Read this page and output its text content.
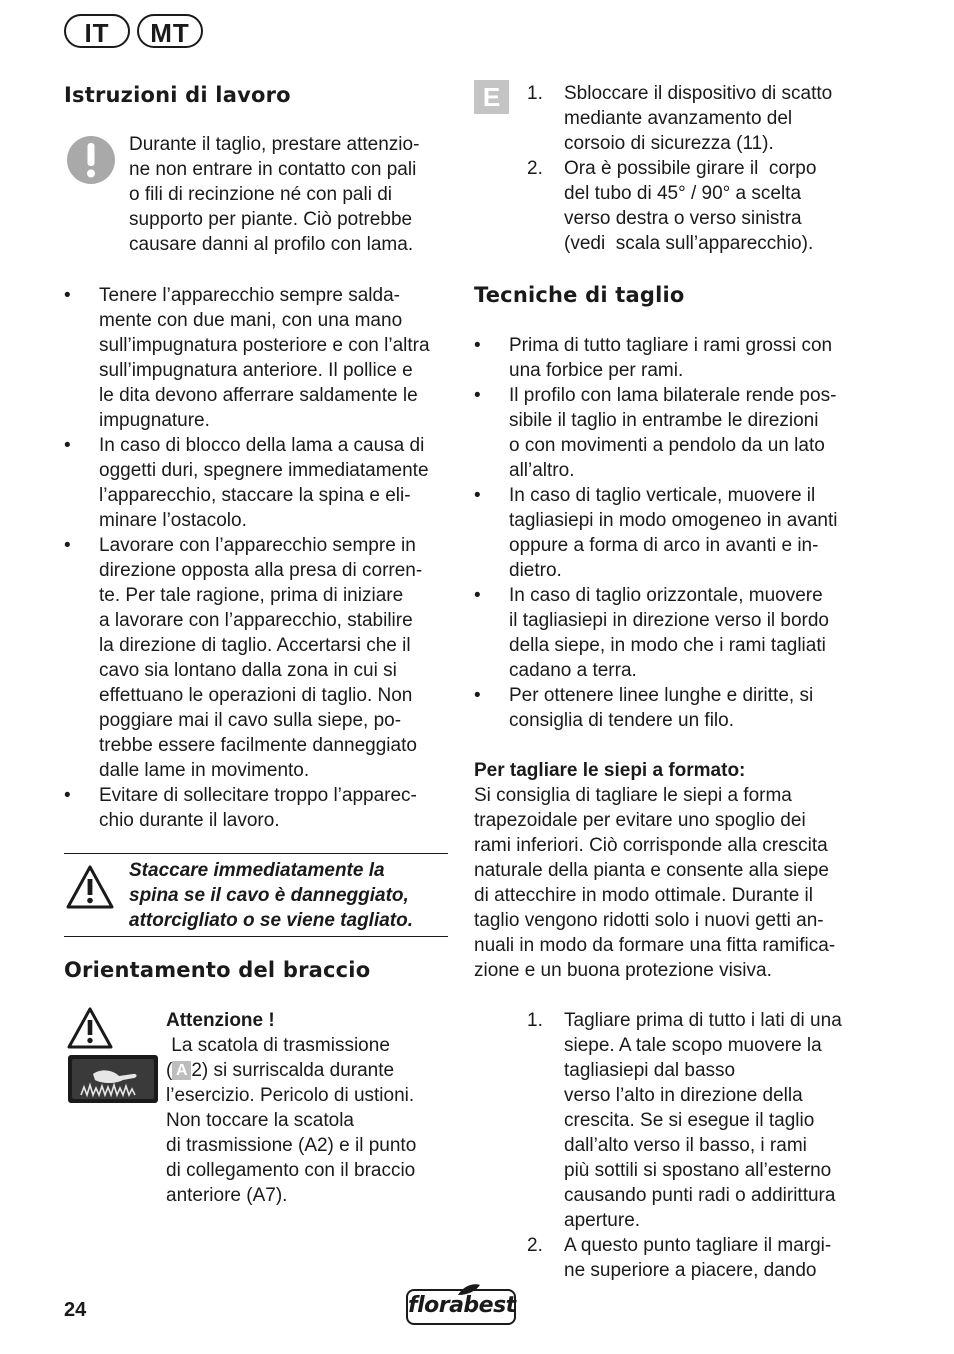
IT	MT
Istruzioni di lavoro
Durante il taglio, prestare attenzio-
ne non entrare in contatto con pali
o fili di recinzione né con pali di
supporto per piante. Ciò potrebbe
causare danni al profilo con lama.
• Tenere l’apparecchio sempre salda-
mente con due mani, con una mano
sull’impugnatura posteriore e con l’altra
sull’impugnatura anteriore. Il pollice e
le dita devono afferrare saldamente le
impugnature.
• In caso di blocco della lama a causa di
oggetti duri, spegnere immediatamente
l’apparecchio, staccare la spina e eli-
minare l’ostacolo.
• Lavorare con l’apparecchio sempre in
direzione opposta alla presa di corren-
te. Per tale ragione, prima di iniziare
a lavorare con l’apparecchio, stabilire
la direzione di taglio. Accertarsi che il
cavo sia lontano dalla zona in cui si
effettuano le operazioni di taglio. Non
poggiare mai il cavo sulla siepe, po-
trebbe essere facilmente danneggiato
dalle lame in movimento.
• Evitare di sollecitare troppo l’apparec-
chio durante il lavoro.
Staccare immediatamente la
spina se il cavo è danneggiato,
attorcigliato o se viene tagliato.
Orientamento del braccio
Attenzione !
La scatola di trasmissione
( A 2) si surriscalda durante
l’esercizio. Pericolo di ustioni.
Non toccare la scatola
di trasmissione (A2) e il punto
di collegamento con il braccio
anteriore (A7).
E	1. Sbloccare il dispositivo di scatto
mediante avanzamento del
corsoio di sicurezza (11).
2. Ora è possibile girare il  corpo
del tubo di 45° / 90° a scelta
verso destra o verso sinistra
(vedi  scala sull’apparecchio).
Tecniche di taglio
• Prima di tutto tagliare i rami grossi con
una forbice per rami.
• Il profilo con lama bilaterale rende pos-
sibile il taglio in entrambe le direzioni
o con movimenti a pendolo da un lato
all’altro.
• In caso di taglio verticale, muovere il
tagliasiepi in modo omogeneo in avanti
oppure a forma di arco in avanti e in-
dietro.
• In caso di taglio orizzontale, muovere
il tagliasiepi in direzione verso il bordo
della siepe, in modo che i rami tagliati
cadano a terra.
• Per ottenere linee lunghe e diritte, si
consiglia di tendere un filo.
Per tagliare le siepi a formato:
Si consiglia di tagliare le siepi a forma
trapezoidale per evitare uno spoglio dei
rami inferiori. Ciò corrisponde alla crescita
naturale della pianta e consente alla siepe
di attecchire in modo ottimale. Durante il
taglio vengono ridotti solo i nuovi getti an-
nuali in modo da formare una fitta ramifica-
zione e un buona protezione visiva.
1. Tagliare prima di tutto i lati di una
siepe. A tale scopo muovere la
tagliasiepi dal basso
verso l’alto in direzione della
crescita. Se si esegue il taglio
dall’alto verso il basso, i rami
più sottili si spostano all’esterno
causando punti radi o addirittura
aperture.
2. A questo punto tagliare il margi-
ne superiore a piacere, dando
24	florabest
